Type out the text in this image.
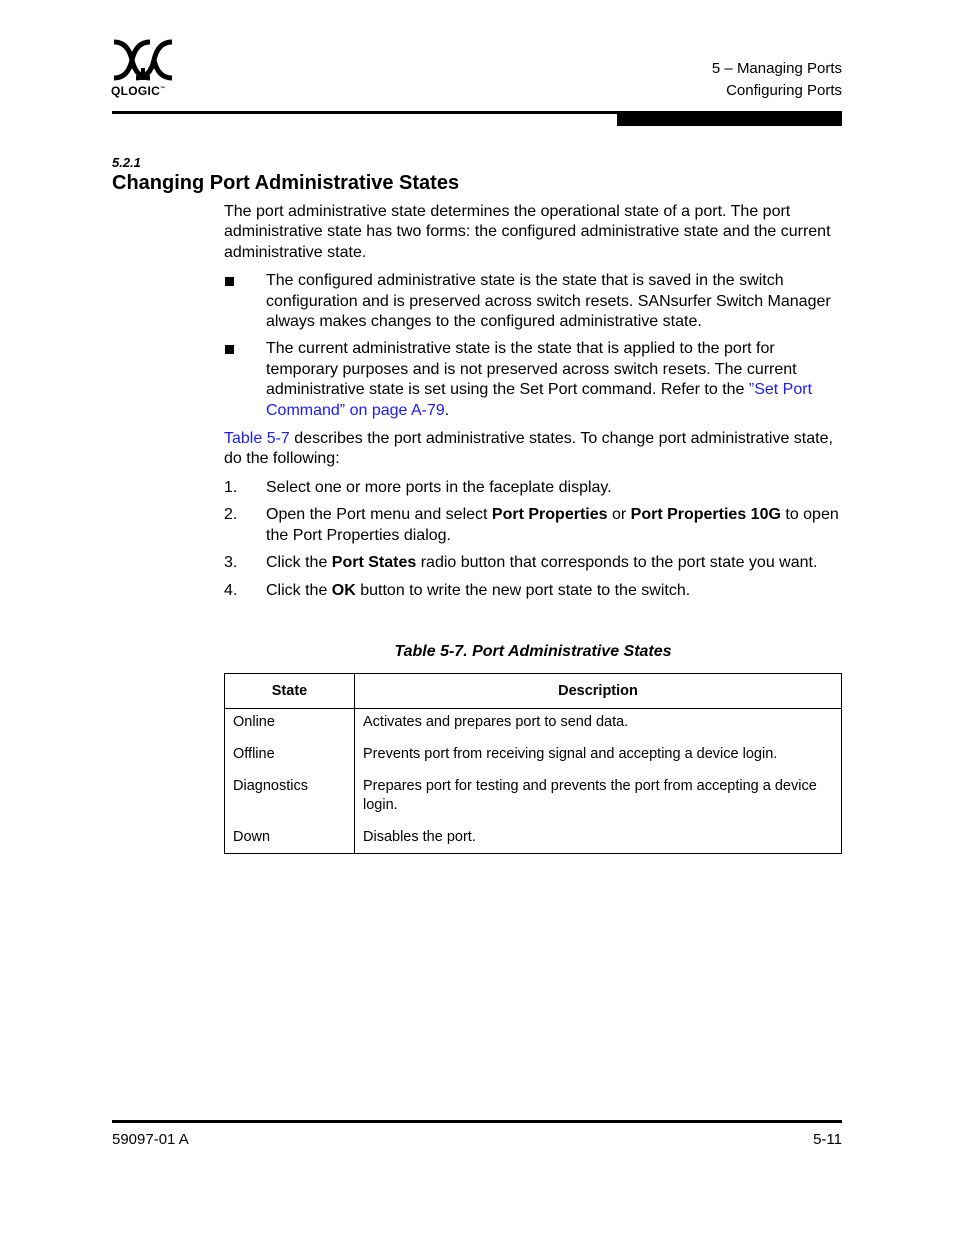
QLOGIC™
5 – Managing Ports
Configuring Ports
5.2.1
Changing Port Administrative States

The port administrative state determines the operational state of a port. The port administrative state has two forms: the configured administrative state and the current administrative state.

The configured administrative state is the state that is saved in the switch configuration and is preserved across switch resets. SANsurfer Switch Manager always makes changes to the configured administrative state.
The current administrative state is the state that is applied to the port for temporary purposes and is not preserved across switch resets. The current administrative state is set using the Set Port command. Refer to the ”Set Port Command” on page A-79.

Table 5-7 describes the port administrative states. To change port administrative state, do the following:

1. Select one or more ports in the faceplate display.
2. Open the Port menu and select Port Properties or Port Properties 10G to open the Port Properties dialog.
3. Click the Port States radio button that corresponds to the port state you want.
4. Click the OK button to write the new port state to the switch.
Table 5-7. Port Administrative States
State	Description
Online	Activates and prepares port to send data.
Offline	Prevents port from receiving signal and accepting a device login.
Diagnostics	Prepares port for testing and prevents the port from accepting a device login.
Down	Disables the port.
59097-01 A	5-11
